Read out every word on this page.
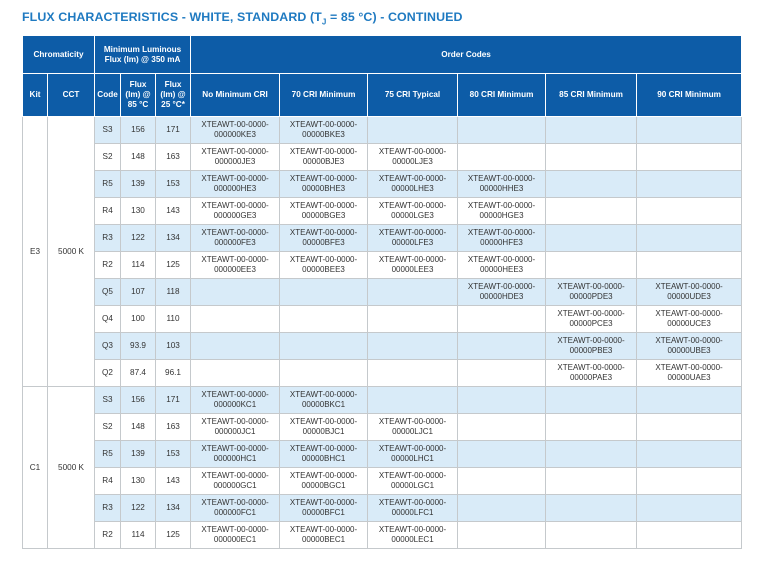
FLUX CHARACTERISTICS - WHITE, STANDARD ($T_J = 85$ °C) - CONTINUED
Chromaticity		Minimum Luminous Flux (lm) @ 350 mA			Order Codes					
Kit	CCT	Code	Flux (lm) @ 85 °C	Flux (lm) @ 25 °C*	No Minimum CRI	70 CRI Minimum	75 CRI Typical	80 CRI Minimum	85 CRI Minimum	90 CRI Minimum
E3	5000 K	S3	156	171	XTEAWT-00-0000-000000KE3	XTEAWT-00-0000-00000BKE3				
		S2	148	163	XTEAWT-00-0000-000000JE3	XTEAWT-00-0000-00000BJE3	XTEAWT-00-0000-00000LJE3			
		R5	139	153	XTEAWT-00-0000-000000HE3	XTEAWT-00-0000-00000BHE3	XTEAWT-00-0000-00000LHE3	XTEAWT-00-0000-00000HHE3		
		R4	130	143	XTEAWT-00-0000-000000GE3	XTEAWT-00-0000-00000BGE3	XTEAWT-00-0000-00000LGE3	XTEAWT-00-0000-00000HGE3		
		R3	122	134	XTEAWT-00-0000-000000FE3	XTEAWT-00-0000-00000BFE3	XTEAWT-00-0000-00000LFE3	XTEAWT-00-0000-00000HFE3		
		R2	114	125	XTEAWT-00-0000-000000EE3	XTEAWT-00-0000-00000BEE3	XTEAWT-00-0000-00000LEE3	XTEAWT-00-0000-00000HEE3		
		Q5	107	118				XTEAWT-00-0000-00000HDE3	XTEAWT-00-0000-00000PDE3	XTEAWT-00-0000-00000UDE3
		Q4	100	110					XTEAWT-00-0000-00000PCE3	XTEAWT-00-0000-00000UCE3
		Q3	93.9	103					XTEAWT-00-0000-00000PBE3	XTEAWT-00-0000-00000UBE3
		Q2	87.4	96.1					XTEAWT-00-0000-00000PAE3	XTEAWT-00-0000-00000UAE3
C1	5000 K	S3	156	171	XTEAWT-00-0000-000000KC1	XTEAWT-00-0000-00000BKC1				
		S2	148	163	XTEAWT-00-0000-000000JC1	XTEAWT-00-0000-00000BJC1	XTEAWT-00-0000-00000LJC1			
		R5	139	153	XTEAWT-00-0000-000000HC1	XTEAWT-00-0000-00000BHC1	XTEAWT-00-0000-00000LHC1			
		R4	130	143	XTEAWT-00-0000-000000GC1	XTEAWT-00-0000-00000BGC1	XTEAWT-00-0000-00000LGC1			
		R3	122	134	XTEAWT-00-0000-000000FC1	XTEAWT-00-0000-00000BFC1	XTEAWT-00-0000-00000LFC1			
		R2	114	125	XTEAWT-00-0000-000000EC1	XTEAWT-00-0000-00000BEC1	XTEAWT-00-0000-00000LEC1			
